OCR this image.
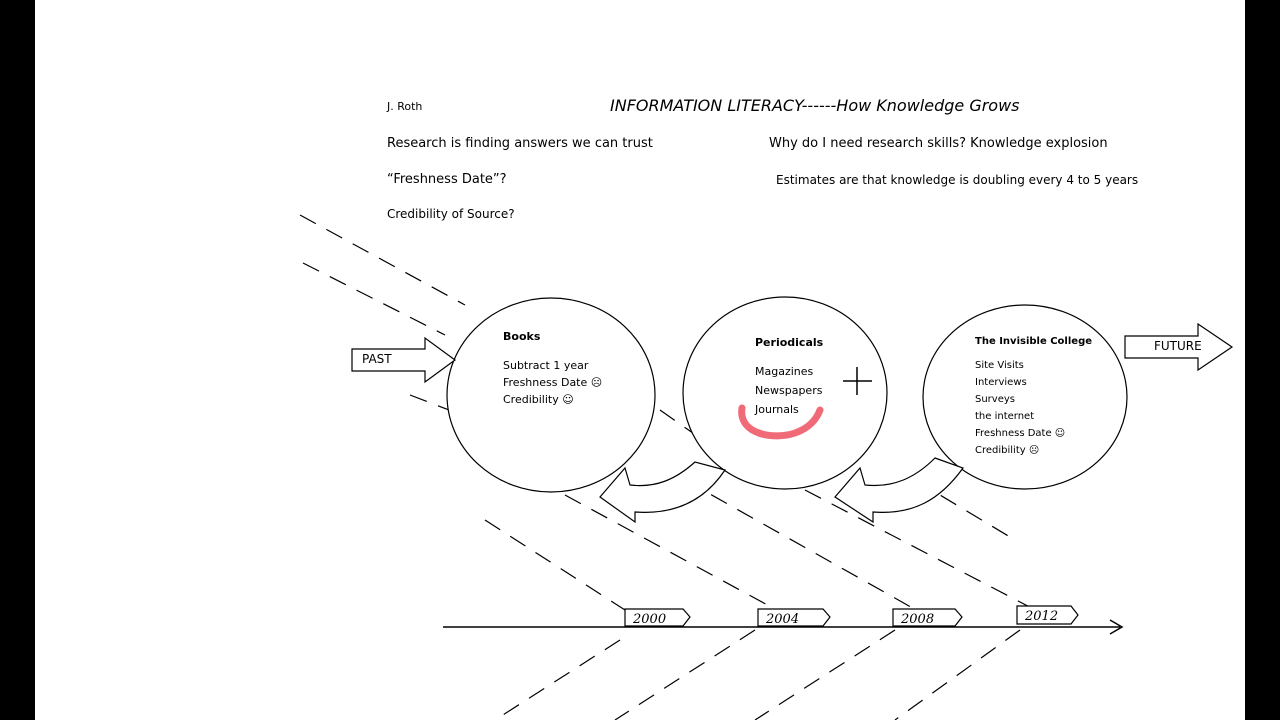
2000	2004	2008	2012
J. Roth	INFORMATION LITERACY------How Knowledge Grows
Research is finding answers we can trust
“Freshness Date”?
Credibility of Source?
Why do I need research skills? Knowledge explosion
Estimates are that knowledge is doubling every 4 to 5 years
PAST
FUTURE
Books
Subtract 1 year
Freshness Date ☹
Credibility ☺
Periodicals
Magazines
Newspapers
Journals
The Invisible College
Site Visits
Interviews
Surveys
the internet
Freshness Date ☺
Credibility ☹
